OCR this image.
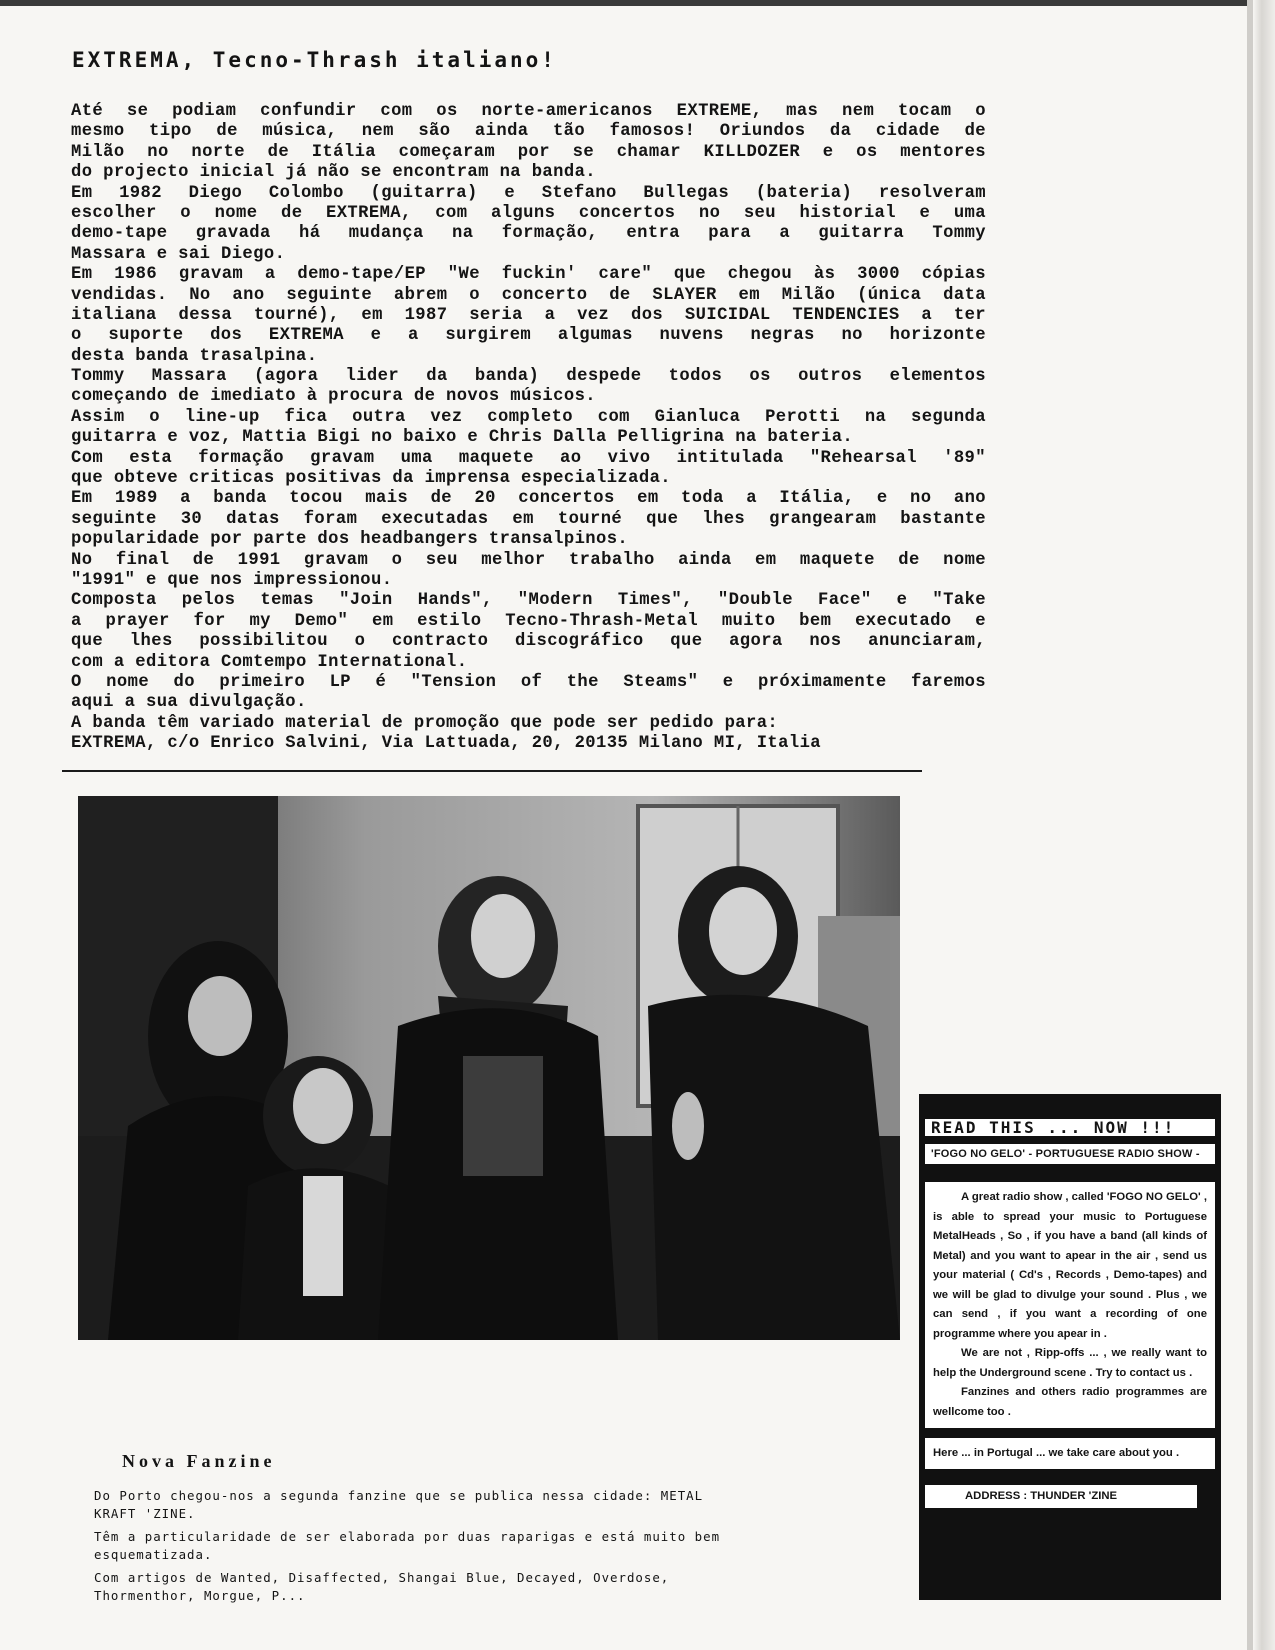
EXTREMA, Tecno-Thrash italiano!
Até se podiam confundir com os norte-americanos EXTREME, mas nem tocam o
mesmo tipo de música, nem são ainda tão famosos! Oriundos da cidade de
Milão no norte de Itália começaram por se chamar KILLDOZER e os mentores
do projecto inicial já não se encontram na banda.
Em 1982 Diego Colombo (guitarra) e Stefano Bullegas (bateria) resolveram
escolher o nome de EXTREMA, com alguns concertos no seu historial e uma
demo-tape gravada há mudança na formação, entra para a guitarra Tommy
Massara e sai Diego.
Em 1986 gravam a demo-tape/EP "We fuckin' care" que chegou às 3000 cópias
vendidas. No ano seguinte abrem o concerto de SLAYER em Milão (única data
italiana dessa tourné), em 1987 seria a vez dos SUICIDAL TENDENCIES a ter
o suporte dos EXTREMA e a surgirem algumas nuvens negras no horizonte
desta banda trasalpina.
Tommy Massara (agora lider da banda) despede todos os outros elementos
começando de imediato à procura de novos músicos.
Assim o line-up fica outra vez completo com Gianluca Perotti na segunda
guitarra e voz, Mattia Bigi no baixo e Chris Dalla Pelligrina na bateria.
Com esta formação gravam uma maquete ao vivo intitulada "Rehearsal '89"
que obteve criticas positivas da imprensa especializada.
Em 1989 a banda tocou mais de 20 concertos em toda a Itália, e no ano
seguinte 30 datas foram executadas em tourné que lhes grangearam bastante
popularidade por parte dos headbangers transalpinos.
No final de 1991 gravam o seu melhor trabalho ainda em maquete de nome
"1991" e que nos impressionou.
Composta pelos temas "Join Hands", "Modern Times", "Double Face" e "Take
a prayer for my Demo" em estilo Tecno-Thrash-Metal muito bem executado e
que lhes possibilitou o contracto discográfico que agora nos anunciaram,
com a editora Comtempo International.
O nome do primeiro LP é "Tension of the Steams" e próximamente faremos
aqui a sua divulgação.
A banda têm variado material de promoção que pode ser pedido para:
EXTREMA, c/o Enrico Salvini, Via Lattuada, 20, 20135 Milano MI, Italia
Nova Fanzine

Do Porto chegou-nos a segunda fanzine que se publica nessa cidade: METAL KRAFT 'ZINE.

Têm a particularidade de ser elaborada por duas raparigas e está muito bem esquematizada.

Com artigos de Wanted, Disaffected, Shangai Blue, Decayed, Overdose, Thormenthor, Morgue, P...

READ THIS ... NOW !!!
'FOGO NO GELO' - PORTUGUESE RADIO SHOW -
A great radio show , called 'FOGO NO GELO' , is able to spread your music to Portuguese MetalHeads , So , if you have a band (all kinds of Metal) and you want to apear in the air , send us your material ( Cd's , Records , Demo-tapes) and we will be glad to divulge your sound . Plus , we can send , if you want a recording of one programme where you apear in .
We are not , Ripp-offs ... , we really want to help the Underground scene . Try to contact us .
Fanzines and others radio programmes are wellcome too .
Here ... in Portugal ... we take care about you .
ADDRESS : THUNDER 'ZINE
